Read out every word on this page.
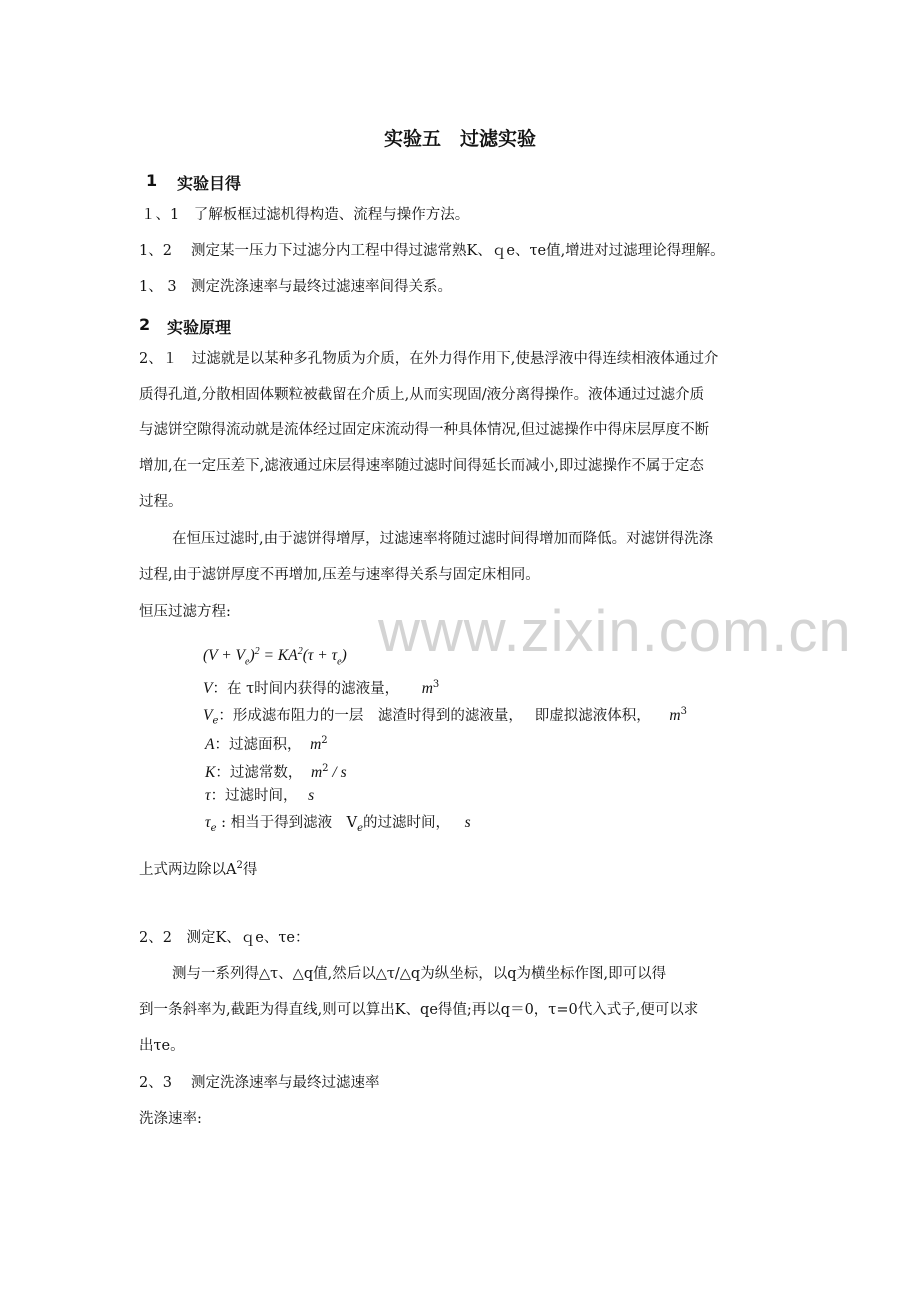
www.zixin.com.cn
实验五　过滤实验
1 实验目得
１、1　了解板框过滤机得构造、流程与操作方法。
1、2　 测定某一压力下过滤分内工程中得过滤常熟K、ｑe、τe值,增进对过滤理论得理解。
1、 3　测定洗涤速率与最终过滤速率间得关系。
2 实验原理
2、１　过滤就是以某种多孔物质为介质，在外力得作用下,使悬浮液中得连续相液体通过介
质得孔道,分散相固体颗粒被截留在介质上,从而实现固/液分离得操作。液体通过过滤介质
与滤饼空隙得流动就是流体经过固定床流动得一种具体情况,但过滤操作中得床层厚度不断
增加,在一定压差下,滤液通过床层得速率随过滤时间得延长而减小,即过滤操作不属于定态
过程。
在恒压过滤时,由于滤饼得增厚，过滤速率将随过滤时间得增加而降低。对滤饼得洗涤
过程,由于滤饼厚度不再增加,压差与速率得关系与固定床相同。
恒压过滤方程:
$(V + V_e)^2 = KA^2(\tau + \tau_e)$
V：在 τ时间内获得的滤液量， $m^3$
$V_e$：形成滤布阻力的一层　滤渣时得到的滤液量，　 即虚拟滤液体积， $m^3$
A：过滤面积， $m^2$
K：过滤常数， $m^2$ / s
τ：过滤时间， s
$\tau_e$ : 相当于得到滤液　$V_e$的过滤时间， s
上式两边除以$A^2$得
2、2　测定K、ｑe、τe：
测与一系列得△τ、△q值,然后以△τ/△q为纵坐标，以q为横坐标作图,即可以得
到一条斜率为,截距为得直线,则可以算出K、qe得值;再以q＝0，τ=0代入式子,便可以求
出τe。
2、3　 测定洗涤速率与最终过滤速率
洗涤速率:
